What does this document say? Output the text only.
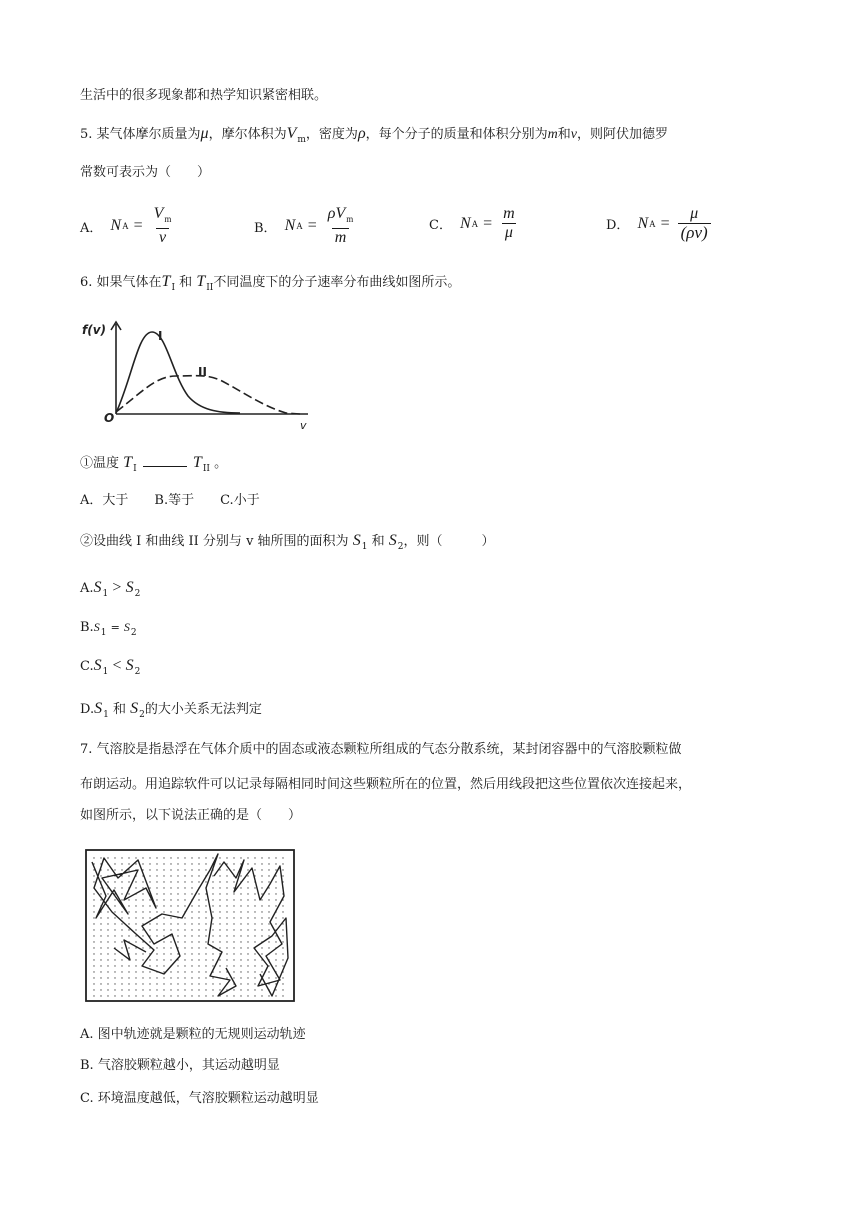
生活中的很多现象都和热学知识紧密相联。
5. 某气体摩尔质量为μ，摩尔体积为$V_m$，密度为ρ，每个分子的质量和体积分别为m和v，则阿伏加德罗
常数可表示为（　　）
A． N $A = \frac{V_m}{v}$	B． N $A = \frac{\rho V_m}{m}$	C． N $A = \frac{m}{\mu}$	D． N $A = \frac{\mu}{(\rho v)}$
6. 如果气体在$T_I$ 和 $T_{II}$不同温度下的分子速率分布曲线如图所示。
f(v)	I
II
O
v
①温度 $T_I$	$T_{II}$ 。
A．大于　　B.等于　　C.小于
②设曲线 I 和曲线 II 分别与 v 轴所围的面积为 $S_1$ 和 $S_2$，则（　　　）
$A.S_1 > S_2$
$B.S_1 = S_2$
$C.S_1 < S_2$
$D.S_1$ 和 $S_2$的大小关系无法判定
7. 气溶胶是指悬浮在气体介质中的固态或液态颗粒所组成的气态分散系统，某封闭容器中的气溶胶颗粒做
布朗运动。用追踪软件可以记录每隔相同时间这些颗粒所在的位置，然后用线段把这些位置依次连接起来，
如图所示，以下说法正确的是（　　）
A. 图中轨迹就是颗粒的无规则运动轨迹
B. 气溶胶颗粒越小，其运动越明显
C. 环境温度越低，气溶胶颗粒运动越明显
